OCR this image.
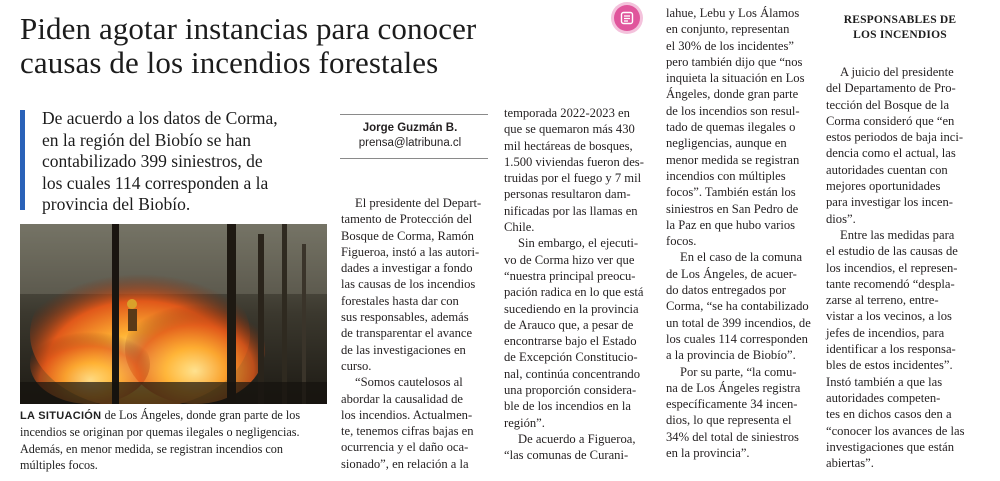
Piden agotar instancias para conocer
causas de los incendios forestales
De acuerdo a los datos de Corma,
en la región del Biobío se han
contabilizado 399 siniestros, de
los cuales 114 corresponden a la
provincia del Biobío.
LA SITUACIÓN de Los Ángeles, donde gran parte de los
incendios se originan por quemas ilegales o negligencias.
Además, en menor medida, se registran incendios con
múltiples focos.
Jorge Guzmán B.
prensa@latribuna.cl
El presidente del Depart-
tamento de Protección del
Bosque de Corma, Ramón
Figueroa, instó a las autori-
dades a investigar a fondo
las causas de los incendios
forestales hasta dar con
sus responsables, además
de transparentar el avance
de las investigaciones en
curso.
“Somos cautelosos al
abordar la causalidad de
los incendios. Actualmen-
te, tenemos cifras bajas en
ocurrencia y el daño oca-
sionado”, en relación a la
temporada 2022-2023 en
que se quemaron más 430
mil hectáreas de bosques,
1.500 viviendas fueron des-
truidas por el fuego y 7 mil
personas resultaron dam-
nificadas por las llamas en
Chile.
Sin embargo, el ejecuti-
vo de Corma hizo ver que
“nuestra principal preocu-
pación radica en lo que está
sucediendo en la provincia
de Arauco que, a pesar de
encontrarse bajo el Estado
de Excepción Constitucio-
nal, continúa concentrando
una proporción considera-
ble de los incendios en la
región”.
De acuerdo a Figueroa,
“las comunas de Curani-
lahue, Lebu y Los Álamos
en conjunto, representan
el 30% de los incidentes”
pero también dijo que “nos
inquieta la situación en Los
Ángeles, donde gran parte
de los incendios son resul-
tado de quemas ilegales o
negligencias, aunque en
menor medida se registran
incendios con múltiples
focos”. También están los
siniestros en San Pedro de
la Paz en que hubo varios
focos.
En el caso de la comuna
de Los Ángeles, de acuer-
do datos entregados por
Corma, “se ha contabilizado
un total de 399 incendios, de
los cuales 114 corresponden
a la provincia de Biobío”.
Por su parte, “la comu-
na de Los Ángeles registra
específicamente 34 incen-
dios, lo que representa el
34% del total de siniestros
en la provincia”.
RESPONSABLES DE
LOS INCENDIOS
A juicio del presidente
del Departamento de Pro-
tección del Bosque de la
Corma consideró que “en
estos periodos de baja inci-
dencia como el actual, las
autoridades cuentan con
mejores oportunidades
para investigar los incen-
dios”.
Entre las medidas para
el estudio de las causas de
los incendios, el represen-
tante recomendó “despla-
zarse al terreno, entre-
vistar a los vecinos, a los
jefes de incendios, para
identificar a los responsa-
bles de estos incidentes”.
Instó también a que las
autoridades competen-
tes en dichos casos den a
“conocer los avances de las
investigaciones que están
abiertas”.
